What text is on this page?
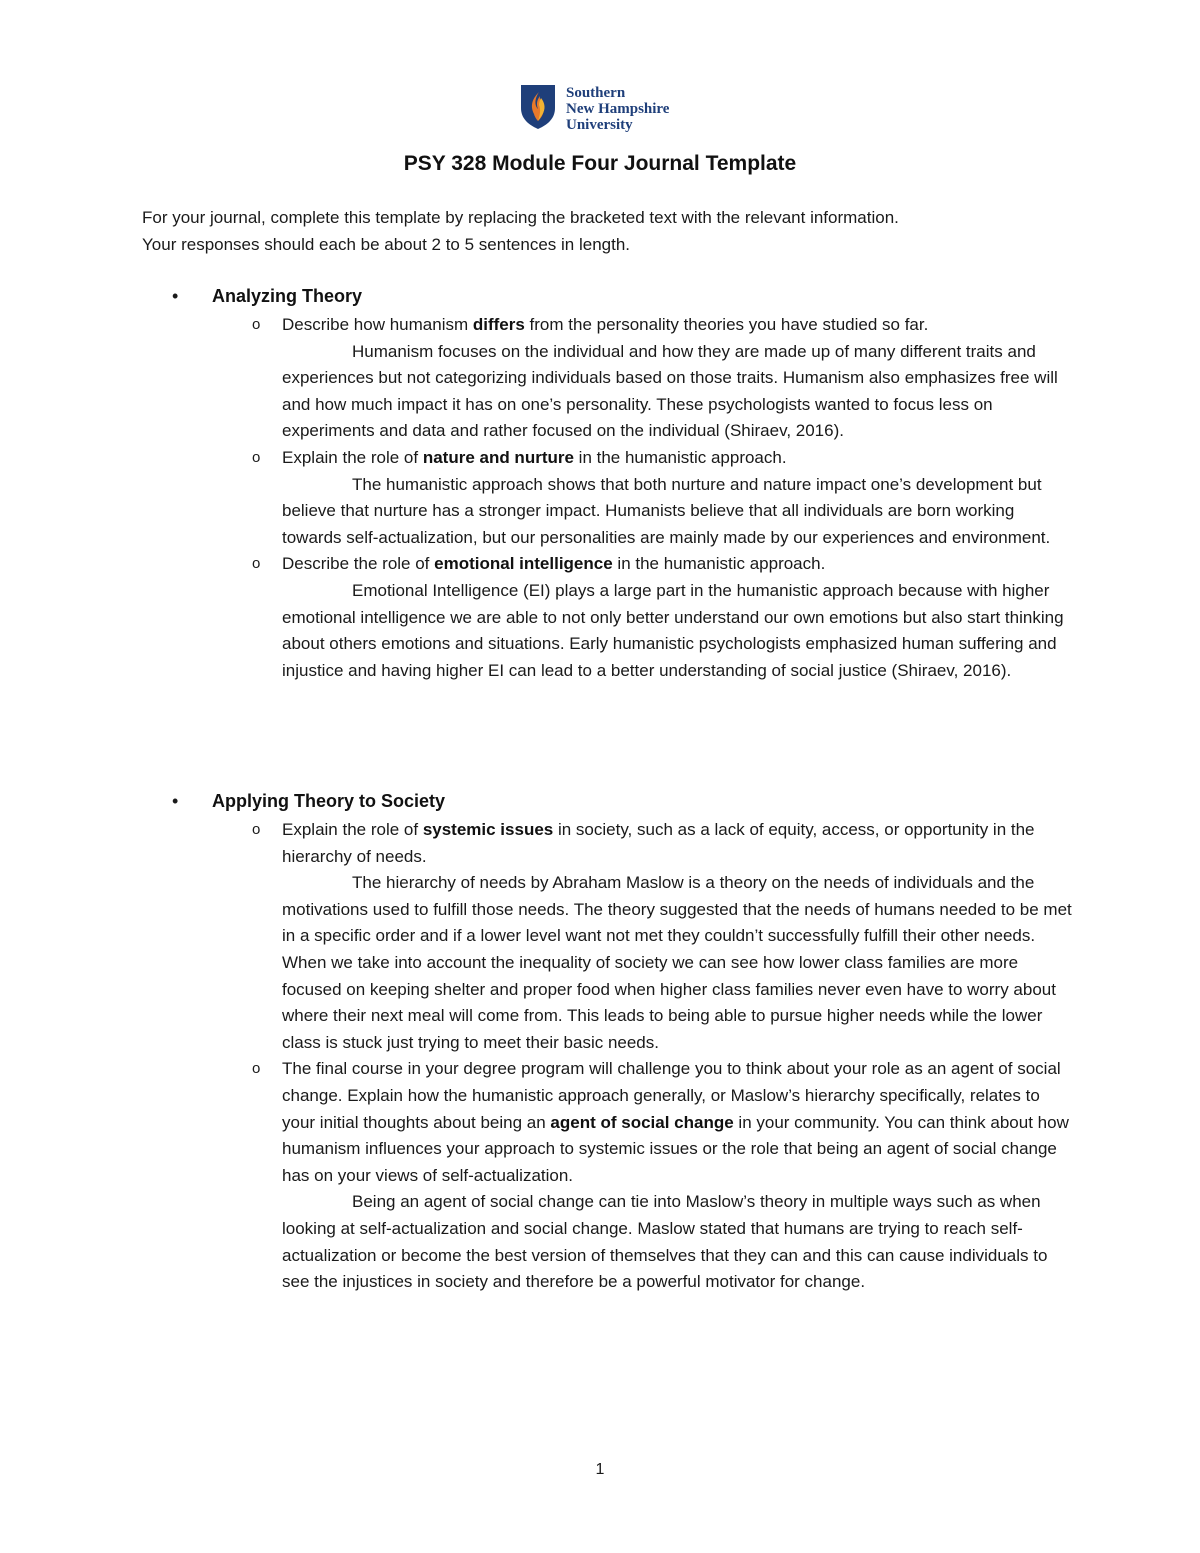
Southern
New Hampshire
University
PSY 328 Module Four Journal Template
For your journal, complete this template by replacing the bracketed text with the relevant information.
Your responses should each be about 2 to 5 sentences in length.
• Analyzing Theory
o Describe how humanism differs from the personality theories you have studied so far.

Humanism focuses on the individual and how they are made up of many different traits and experiences but not categorizing individuals based on those traits. Humanism also emphasizes free will and how much impact it has on one’s personality. These psychologists wanted to focus less on experiments and data and rather focused on the individual (Shiraev, 2016).

o Explain the role of nature and nurture in the humanistic approach.

The humanistic approach shows that both nurture and nature impact one’s development but believe that nurture has a stronger impact. Humanists believe that all individuals are born working towards self-actualization, but our personalities are mainly made by our experiences and environment.

o Describe the role of emotional intelligence in the humanistic approach.

Emotional Intelligence (EI) plays a large part in the humanistic approach because with higher emotional intelligence we are able to not only better understand our own emotions but also start thinking about others emotions and situations. Early humanistic psychologists emphasized human suffering and injustice and having higher EI can lead to a better understanding of social justice (Shiraev, 2016).

• Applying Theory to Society
o Explain the role of systemic issues in society, such as a lack of equity, access, or opportunity in the hierarchy of needs.

The hierarchy of needs by Abraham Maslow is a theory on the needs of individuals and the motivations used to fulfill those needs. The theory suggested that the needs of humans needed to be met in a specific order and if a lower level want not met they couldn’t successfully fulfill their other needs. When we take into account the inequality of society we can see how lower class families are more focused on keeping shelter and proper food when higher class families never even have to worry about where their next meal will come from. This leads to being able to pursue higher needs while the lower class is stuck just trying to meet their basic needs.

o The final course in your degree program will challenge you to think about your role as an agent of social change. Explain how the humanistic approach generally, or Maslow’s hierarchy specifically, relates to your initial thoughts about being an agent of social change in your community. You can think about how humanism influences your approach to systemic issues or the role that being an agent of social change has on your views of self-actualization.

Being an agent of social change can tie into Maslow’s theory in multiple ways such as when looking at self-actualization and social change. Maslow stated that humans are trying to reach self-actualization or become the best version of themselves that they can and this can cause individuals to see the injustices in society and therefore be a powerful motivator for change.

1
